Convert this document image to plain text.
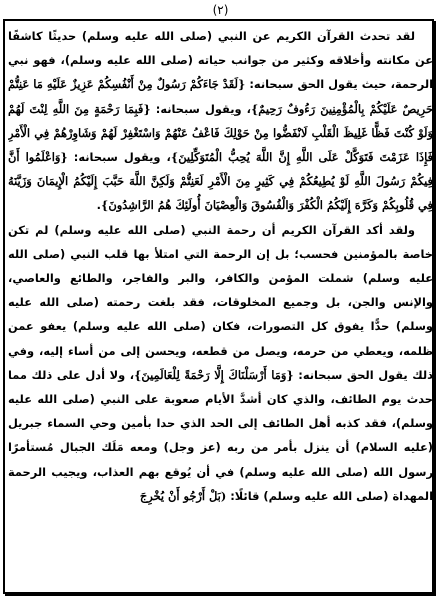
(٢)

لقد تحدث القرآن الكريم عن النبي (صلى الله عليه وسلم) حديثًا كاشفًا عن مكانته وأخلاقه وكثير من جوانب حياته (صلى الله عليه وسلم)، فهو نبي الرحمة، حيث يقول الحق سبحانه: {لَقَدْ جَاءَكُمْ رَسُولٌ مِنْ أَنْفُسِكُمْ عَزِيزٌ عَلَيْهِ مَا عَنِتُّمْ حَرِيصٌ عَلَيْكُمْ بِالْمُؤْمِنِينَ رَءُوفٌ رَحِيمٌ}، ويقول سبحانه: {فَبِمَا رَحْمَةٍ مِنَ اللَّهِ لِنْتَ لَهُمْ وَلَوْ كُنْتَ فَظًّا غَلِيظَ الْقَلْبِ لَانْفَضُّوا مِنْ حَوْلِكَ فَاعْفُ عَنْهُمْ وَاسْتَغْفِرْ لَهُمْ وَشَاوِرْهُمْ فِي الْأَمْرِ فَإِذَا عَزَمْتَ فَتَوَكَّلْ عَلَى اللَّهِ إِنَّ اللَّهَ يُحِبُّ الْمُتَوَكِّلِينَ}، ويقول سبحانه: {وَاعْلَمُوا أَنَّ فِيكُمْ رَسُولَ اللَّهِ لَوْ يُطِيعُكُمْ فِي كَثِيرٍ مِنَ الْأَمْرِ لَعَنِتُّمْ وَلَكِنَّ اللَّهَ حَبَّبَ إِلَيْكُمُ الْإِيمَانَ وَزَيَّنَهُ فِي قُلُوبِكُمْ وَكَرَّهَ إِلَيْكُمُ الْكُفْرَ وَالْفُسُوقَ وَالْعِصْيَانَ أُولَئِكَ هُمُ الرَّاشِدُونَ}.

ولقد أكد القرآن الكريم أن رحمة النبي (صلى الله عليه وسلم) لم تكن خاصة بالمؤمنين فحسب؛ بل إن الرحمة التي امتلأ بها قلب النبي (صلى الله عليه وسلم) شملت المؤمن والكافر، والبر والفاجر، والطائع والعاصي، والإنس والجن، بل وجميع المخلوقات، فقد بلغت رحمته (صلى الله عليه وسلم) حدًّا يفوق كل التصورات، فكان (صلى الله عليه وسلم) يعفو عمن ظلمه، ويعطي من حرمه، ويصل من قطعه، ويحسن إلى من أساء إليه، وفي ذلك يقول الحق سبحانه: {وَمَا أَرْسَلْنَاكَ إِلَّا رَحْمَةً لِلْعَالَمِينَ}، ولا أدل على ذلك مما حدث يوم الطائف، والذي كان أشدَّ الأيام صعوبة على النبي (صلى الله عليه وسلم)، فقد كذبه أهل الطائف إلى الحد الذي حدا بأمين وحي السماء جبريل (عليه السلام) أن ينزل بأمر من ربه (عز وجل) ومعه مَلَك الجبال مُستأمرًا رسول الله (صلى الله عليه وسلم) في أن يُوقع بهم العذاب، ويجيب الرحمة المهداة (صلى الله عليه وسلم) قائلًا: (بَلْ أَرْجُو أَنْ يُخْرِجَ
